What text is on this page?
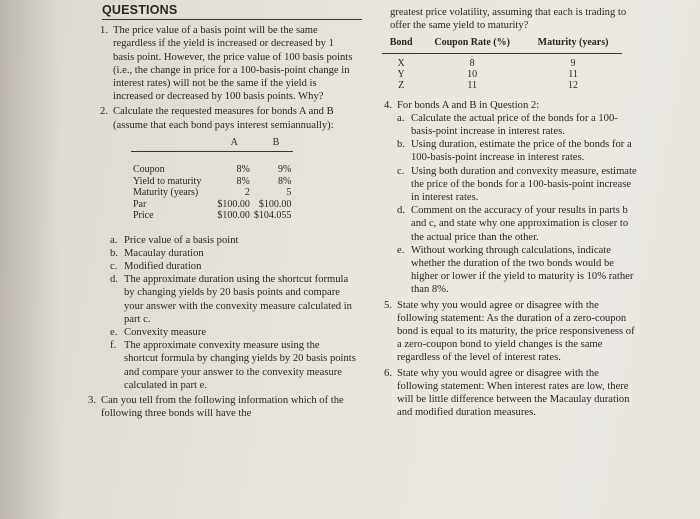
QUESTIONS
1. The price value of a basis point will be the same regardless if the yield is increased or decreased by 1 basis point. However, the price value of 100 basis points (i.e., the change in price for a 100-basis-point change in interest rates) will not be the same if the yield is increased or decreased by 100 basis points. Why?
2. Calculate the requested measures for bonds A and B (assume that each bond pays interest semiannually):
	A	B
Coupon	8%	9%
Yield to maturity	8%	8%
Maturity (years)	2	5
Par	$100.00	$100.00
Price	$100.00	$104.055
a. Price value of a basis point
b. Macaulay duration
c. Modified duration
d. The approximate duration using the shortcut formula by changing yields by 20 basis points and compare your answer with the convexity measure calculated in part c.
e. Convexity measure
f. The approximate convexity measure using the shortcut formula by changing yields by 20 basis points and compare your answer to the convexity measure calculated in part e.
3. Can you tell from the following information which of the following three bonds will have the
greatest price volatility, assuming that each is trading to offer the same yield to maturity?
Bond	Coupon Rate (%)	Maturity (years)
X	8	9
Y	10	11
Z	11	12
4. For bonds A and B in Question 2:
a. Calculate the actual price of the bonds for a 100-basis-point increase in interest rates.
b. Using duration, estimate the price of the bonds for a 100-basis-point increase in interest rates.
c. Using both duration and convexity measure, estimate the price of the bonds for a 100-basis-point increase in interest rates.
d. Comment on the accuracy of your results in parts b and c, and state why one approximation is closer to the actual price than the other.
e. Without working through calculations, indicate whether the duration of the two bonds would be higher or lower if the yield to maturity is 10% rather than 8%.
5. State why you would agree or disagree with the following statement: As the duration of a zero-coupon bond is equal to its maturity, the price responsiveness of a zero-coupon bond to yield changes is the same regardless of the level of interest rates.
6. State why you would agree or disagree with the following statement: When interest rates are low, there will be little difference between the Macaulay duration and modified duration measures.
